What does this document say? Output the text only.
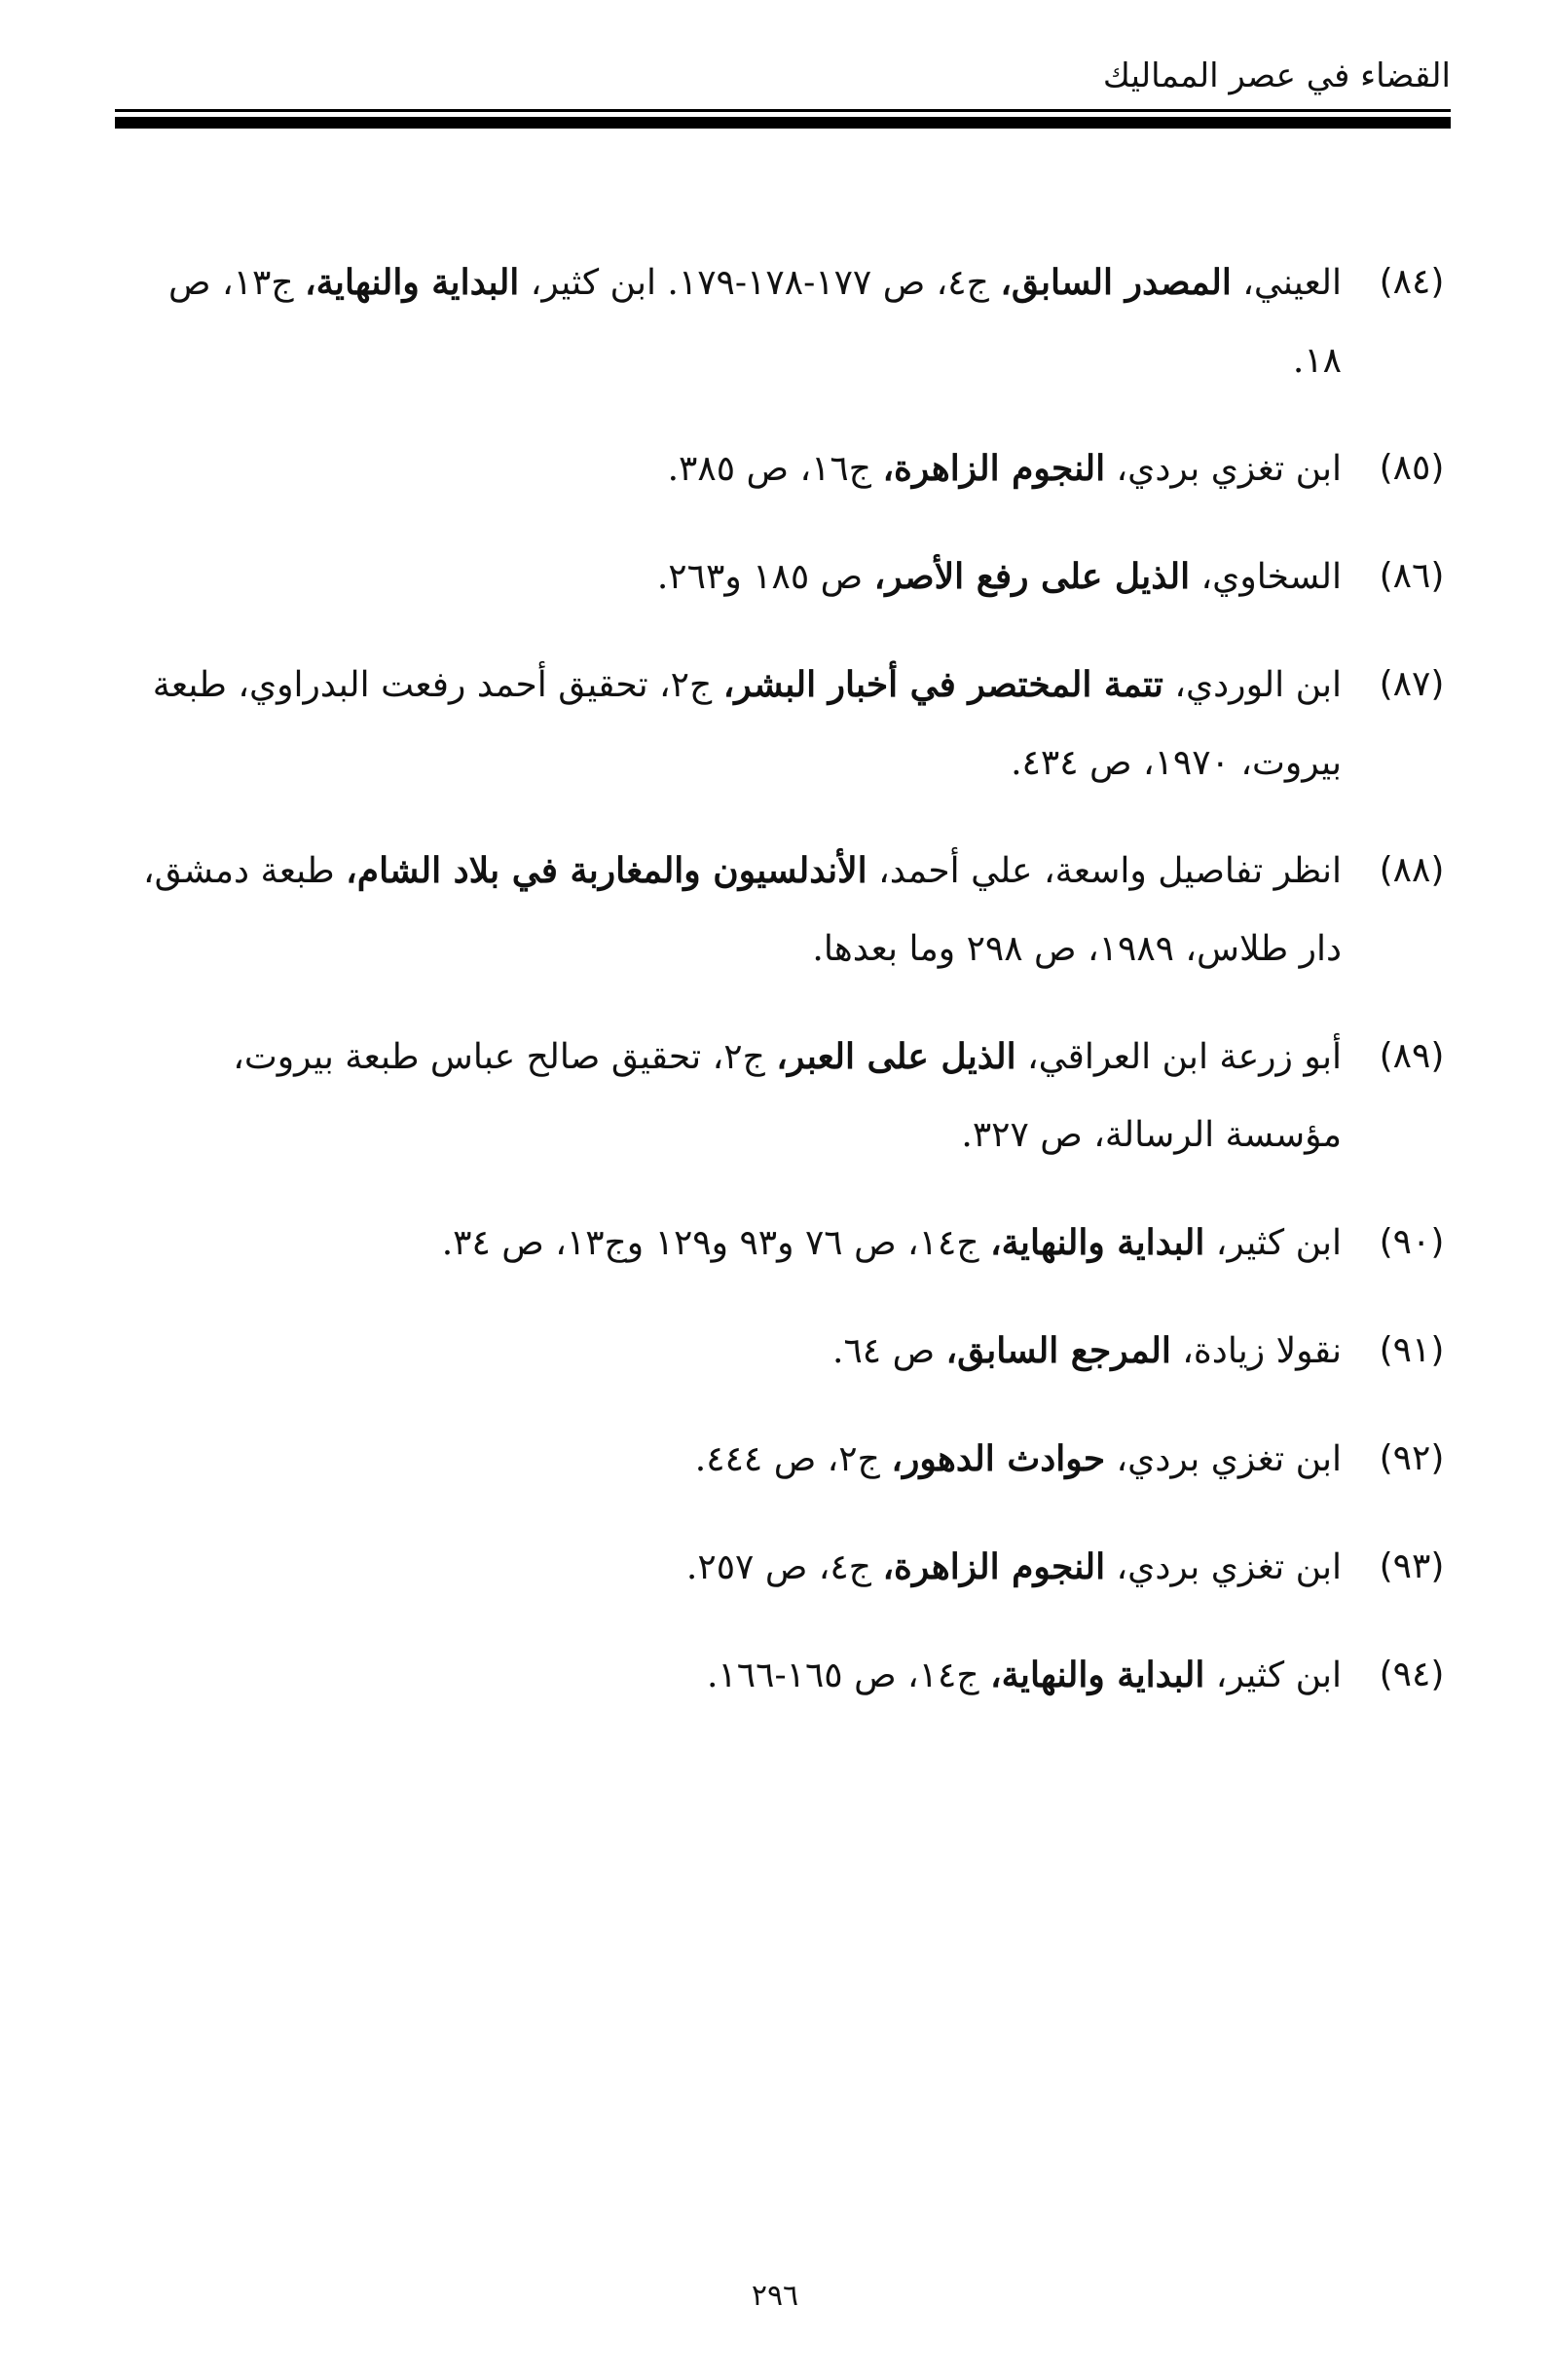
القضاء في عصر المماليك
(٨٤)
العيني، المصدر السابق، ج٤، ص ١٧٧-١٧٨-١٧٩. ابن كثير، البداية والنهاية، ج١٣، ص ١٨.
(٨٥)
ابن تغزي بردي، النجوم الزاهرة، ج١٦، ص ٣٨٥.
(٨٦)
السخاوي، الذيل على رفع الأصر، ص ١٨٥ و٢٦٣.
(٨٧)
ابن الوردي، تتمة المختصر في أخبار البشر، ج٢، تحقيق أحمد رفعت البدراوي، طبعة بيروت، ١٩٧٠، ص ٤٣٤.
(٨٨)
انظر تفاصيل واسعة، علي أحمد، الأندلسيون والمغاربة في بلاد الشام، طبعة دمشق، دار طلاس، ١٩٨٩، ص ٢٩٨ وما بعدها.
(٨٩)
أبو زرعة ابن العراقي، الذيل على العبر، ج٢، تحقيق صالح عباس طبعة بيروت، مؤسسة الرسالة، ص ٣٢٧.
(٩٠)
ابن كثير، البداية والنهاية، ج١٤، ص ٧٦ و٩٣ و١٢٩ وج١٣، ص ٣٤.
(٩١)
نقولا زيادة، المرجع السابق، ص ٦٤.
(٩٢)
ابن تغزي بردي، حوادث الدهور، ج٢، ص ٤٤٤.
(٩٣)
ابن تغزي بردي، النجوم الزاهرة، ج٤، ص ٢٥٧.
(٩٤)
ابن كثير، البداية والنهاية، ج١٤، ص ١٦٥-١٦٦.
٢٩٦
